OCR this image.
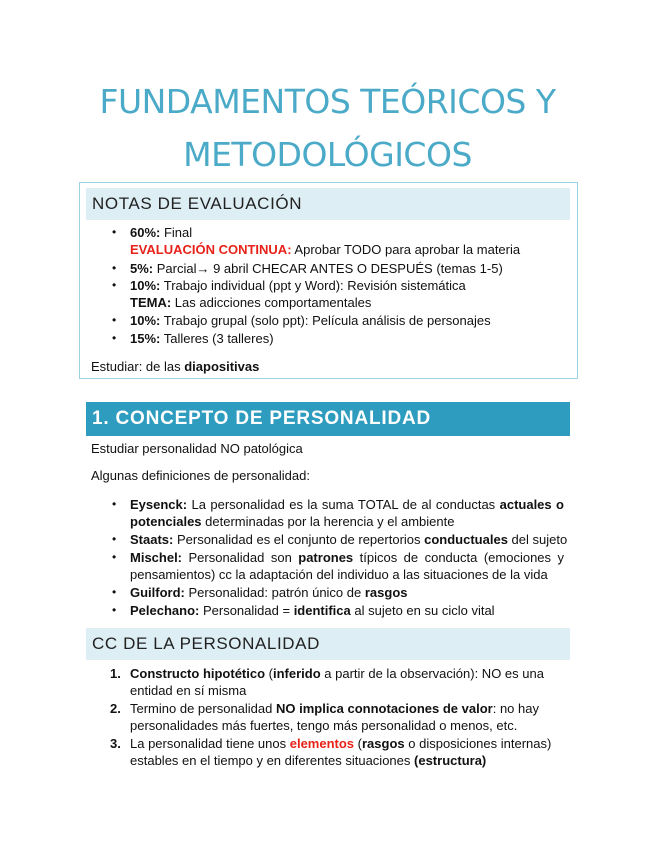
FUNDAMENTOS TEÓRICOS Y
METODOLÓGICOS
NOTAS DE EVALUACIÓN
• 60%: Final
EVALUACIÓN CONTINUA: Aprobar TODO para aprobar la materia
• 5%: Parcial→ 9 abril CHECAR ANTES O DESPUÉS (temas 1-5)
• 10%: Trabajo individual (ppt y Word): Revisión sistemática
TEMA: Las adicciones comportamentales
• 10%: Trabajo grupal (solo ppt): Película análisis de personajes
• 15%: Talleres (3 talleres)
Estudiar: de las diapositivas
1. CONCEPTO DE PERSONALIDAD
Estudiar personalidad NO patológica
Algunas definiciones de personalidad:
• Eysenck: La personalidad es la suma TOTAL de al conductas actuales o
potenciales determinadas por la herencia y el ambiente
• Staats: Personalidad es el conjunto de repertorios conductuales del sujeto
• Mischel: Personalidad son patrones típicos de conducta (emociones y
pensamientos) cc la adaptación del individuo a las situaciones de la vida
• Guilford: Personalidad: patrón único de rasgos
• Pelechano: Personalidad = identifica al sujeto en su ciclo vital
CC DE LA PERSONALIDAD
1. Constructo hipotético (inferido a partir de la observación): NO es una
entidad en sí misma
2. Termino de personalidad NO implica connotaciones de valor: no hay
personalidades más fuertes, tengo más personalidad o menos, etc.
3. La personalidad tiene unos elementos (rasgos o disposiciones internas)
estables en el tiempo y en diferentes situaciones (estructura)
